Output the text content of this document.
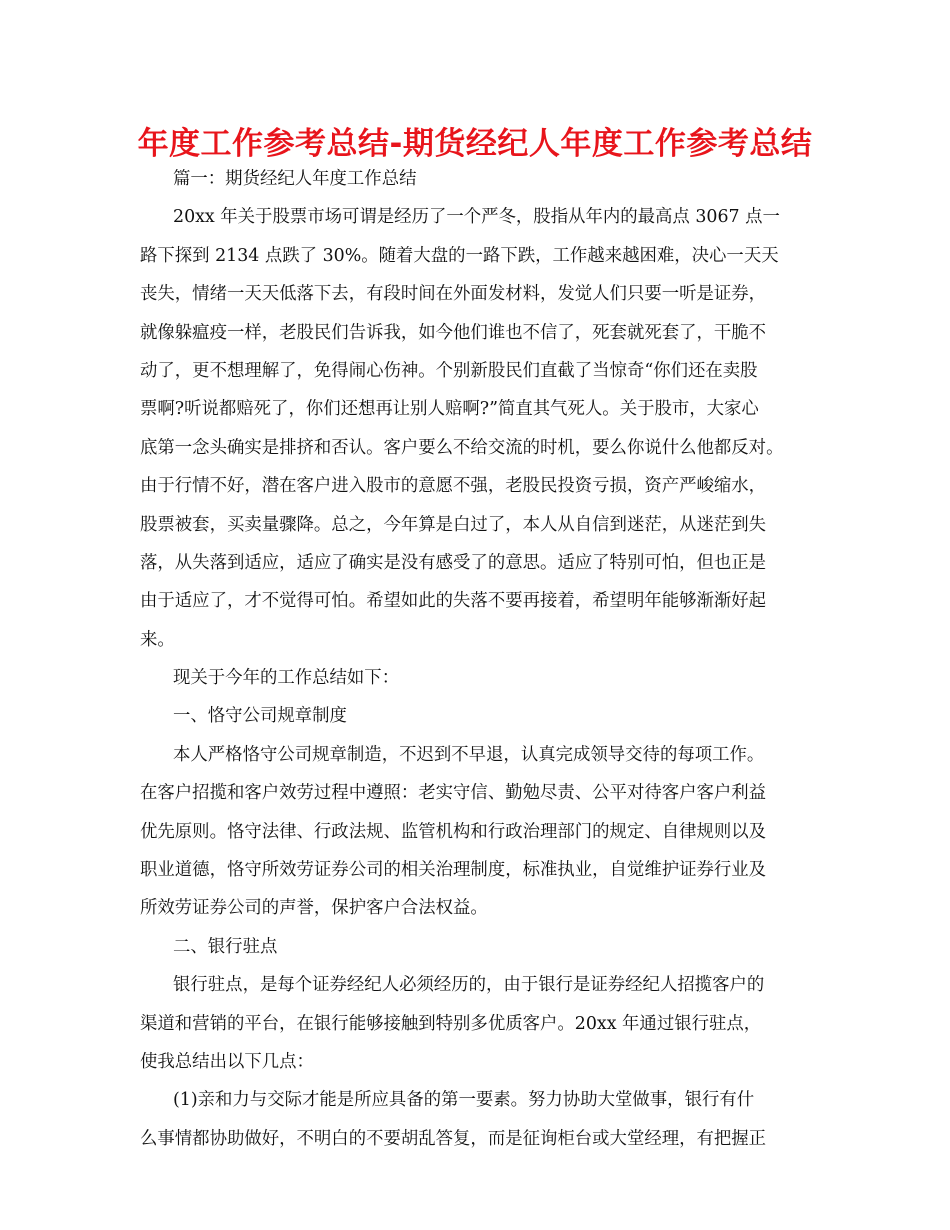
年度工作参考总结-期货经纪人年度工作参考总结
篇一：期货经纪人年度工作总结
20xx 年关于股票市场可谓是经历了一个严冬，股指从年内的最高点 3067 点一
路下探到 2134 点跌了 30%。随着大盘的一路下跌，工作越来越困难，决心一天天
丧失，情绪一天天低落下去，有段时间在外面发材料，发觉人们只要一听是证券，
就像躲瘟疫一样，老股民们告诉我，如今他们谁也不信了，死套就死套了，干脆不
动了，更不想理解了，免得闹心伤神。个别新股民们直截了当惊奇“你们还在卖股
票啊?听说都赔死了，你们还想再让别人赔啊?”简直其气死人。关于股市，大家心
底第一念头确实是排挤和否认。客户要么不给交流的时机，要么你说什么他都反对。
由于行情不好，潜在客户进入股市的意愿不强，老股民投资亏损，资产严峻缩水，
股票被套，买卖量骤降。总之，今年算是白过了，本人从自信到迷茫，从迷茫到失
落，从失落到适应，适应了确实是没有感受了的意思。适应了特别可怕，但也正是
由于适应了，才不觉得可怕。希望如此的失落不要再接着，希望明年能够渐渐好起
来。
现关于今年的工作总结如下：
一、恪守公司规章制度
本人严格恪守公司规章制造，不迟到不早退，认真完成领导交待的每项工作。
在客户招揽和客户效劳过程中遵照：老实守信、勤勉尽责、公平对待客户客户利益
优先原则。恪守法律、行政法规、监管机构和行政治理部门的规定、自律规则以及
职业道德，恪守所效劳证券公司的相关治理制度，标准执业，自觉维护证券行业及
所效劳证券公司的声誉，保护客户合法权益。
二、银行驻点
银行驻点，是每个证券经纪人必须经历的，由于银行是证券经纪人招揽客户的
渠道和营销的平台，在银行能够接触到特别多优质客户。20xx 年通过银行驻点，
使我总结出以下几点：
(1)亲和力与交际才能是所应具备的第一要素。努力协助大堂做事，银行有什
么事情都协助做好，不明白的不要胡乱答复，而是征询柜台或大堂经理，有把握正
